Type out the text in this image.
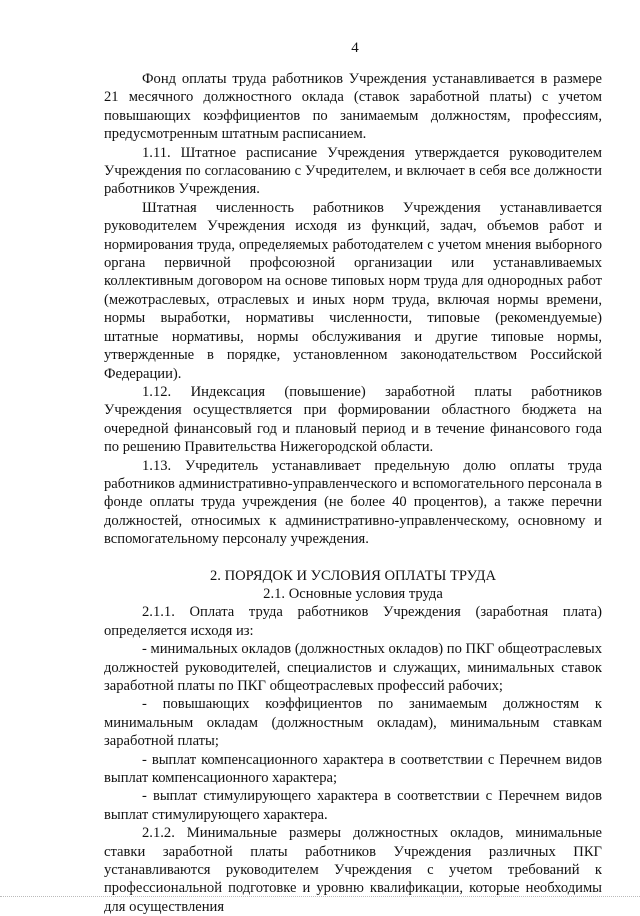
4

Фонд оплаты труда работников Учреждения устанавливается в размере 21 месячного должностного оклада (ставок заработной платы) с учетом повышающих коэффициентов по занимаемым должностям, профессиям, предусмотренным штатным расписанием.

1.11. Штатное расписание Учреждения утверждается руководителем Учреждения по согласованию с Учредителем, и включает в себя все должности работников Учреждения.

Штатная численность работников Учреждения устанавливается руководителем Учреждения исходя из функций, задач, объемов работ и нормирования труда, определяемых работодателем с учетом мнения выборного органа первичной профсоюзной организации или устанавливаемых коллективным договором на основе типовых норм труда для однородных работ (межотраслевых, отраслевых и иных норм труда, включая нормы времени, нормы выработки, нормативы численности, типовые (рекомендуемые) штатные нормативы, нормы обслуживания и другие типовые нормы, утвержденные в порядке, установленном законодательством Российской Федерации).

1.12. Индексация (повышение) заработной платы работников Учреждения осуществляется при формировании областного бюджета на очередной финансовый год и плановый период и в течение финансового года по решению Правительства Нижегородской области.

1.13. Учредитель устанавливает предельную долю оплаты труда работников административно-управленческого и вспомогательного персонала в фонде оплаты труда учреждения (не более 40 процентов), а также перечни должностей, относимых к административно-управленческому, основному и вспомогательному персоналу учреждения.

2. ПОРЯДОК И УСЛОВИЯ ОПЛАТЫ ТРУДА
2.1. Основные условия труда

2.1.1. Оплата труда работников Учреждения (заработная плата) определяется исходя из:

- минимальных окладов (должностных окладов) по ПКГ общеотраслевых должностей руководителей, специалистов и служащих, минимальных ставок заработной платы по ПКГ общеотраслевых профессий рабочих;

- повышающих коэффициентов по занимаемым должностям к минимальным окладам (должностным окладам), минимальным ставкам заработной платы;

- выплат компенсационного характера в соответствии с Перечнем видов выплат компенсационного характера;

- выплат стимулирующего характера в соответствии с Перечнем видов выплат стимулирующего характера.

2.1.2. Минимальные размеры должностных окладов, минимальные ставки заработной платы работников Учреждения различных ПКГ устанавливаются руководителем Учреждения с учетом требований к профессиональной подготовке и уровню квалификации, которые необходимы для осуществления
